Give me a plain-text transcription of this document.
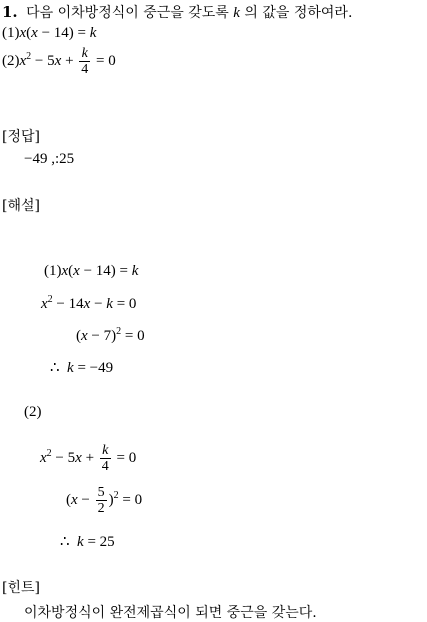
1. 다음 이차방정식이 중근을 갖도록 k 의 값을 정하여라.
(1)x(x − 14) = k
$(2)x^2 - 5x + \frac{k}{4} = 0$
[정답]
−49 ,:25
[해설]
(1)x(x − 14) = k
$x^2 - 14x - k = 0$
$(x - 7)^2 = 0$
∴ k = −49
(2)
$x^2 - 5x + \frac{k}{4} = 0$
$(x - \frac{5}{2} )^2 = 0$
∴ k = 25
[힌트]
이차방정식이 완전제곱식이 되면 중근을 갖는다.
